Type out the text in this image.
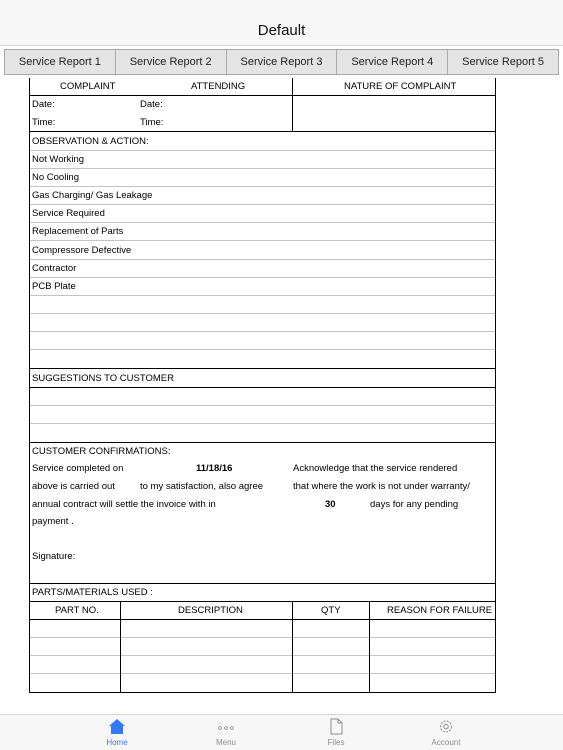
Default
Service Report 1	Service Report 2	Service Report 3	Service Report 4	Service Report 5
COMPLAINT	ATTENDING	NATURE OF COMPLAINT
Date:	Date:
Time:	Time:
OBSERVATION & ACTION:
Not Working
No Cooling
Gas Charging/ Gas Leakage
Service Required
Replacement of Parts
Compressore Defective
Contractor
PCB Plate
SUGGESTIONS TO CUSTOMER
CUSTOMER CONFIRMATIONS:
Service completed on	11/18/16	Acknowledge that the service rendered
above is carried out	to my satisfaction, also agree	that where the work is not under warranty/
annual contract will settle the invoice with in	30	days for any pending
payment .
Signature:
PARTS/MATERIALS USED :
PART NO.	DESCRIPTION	QTY	REASON FOR FAILURE
Home	Menu	Files	Account
